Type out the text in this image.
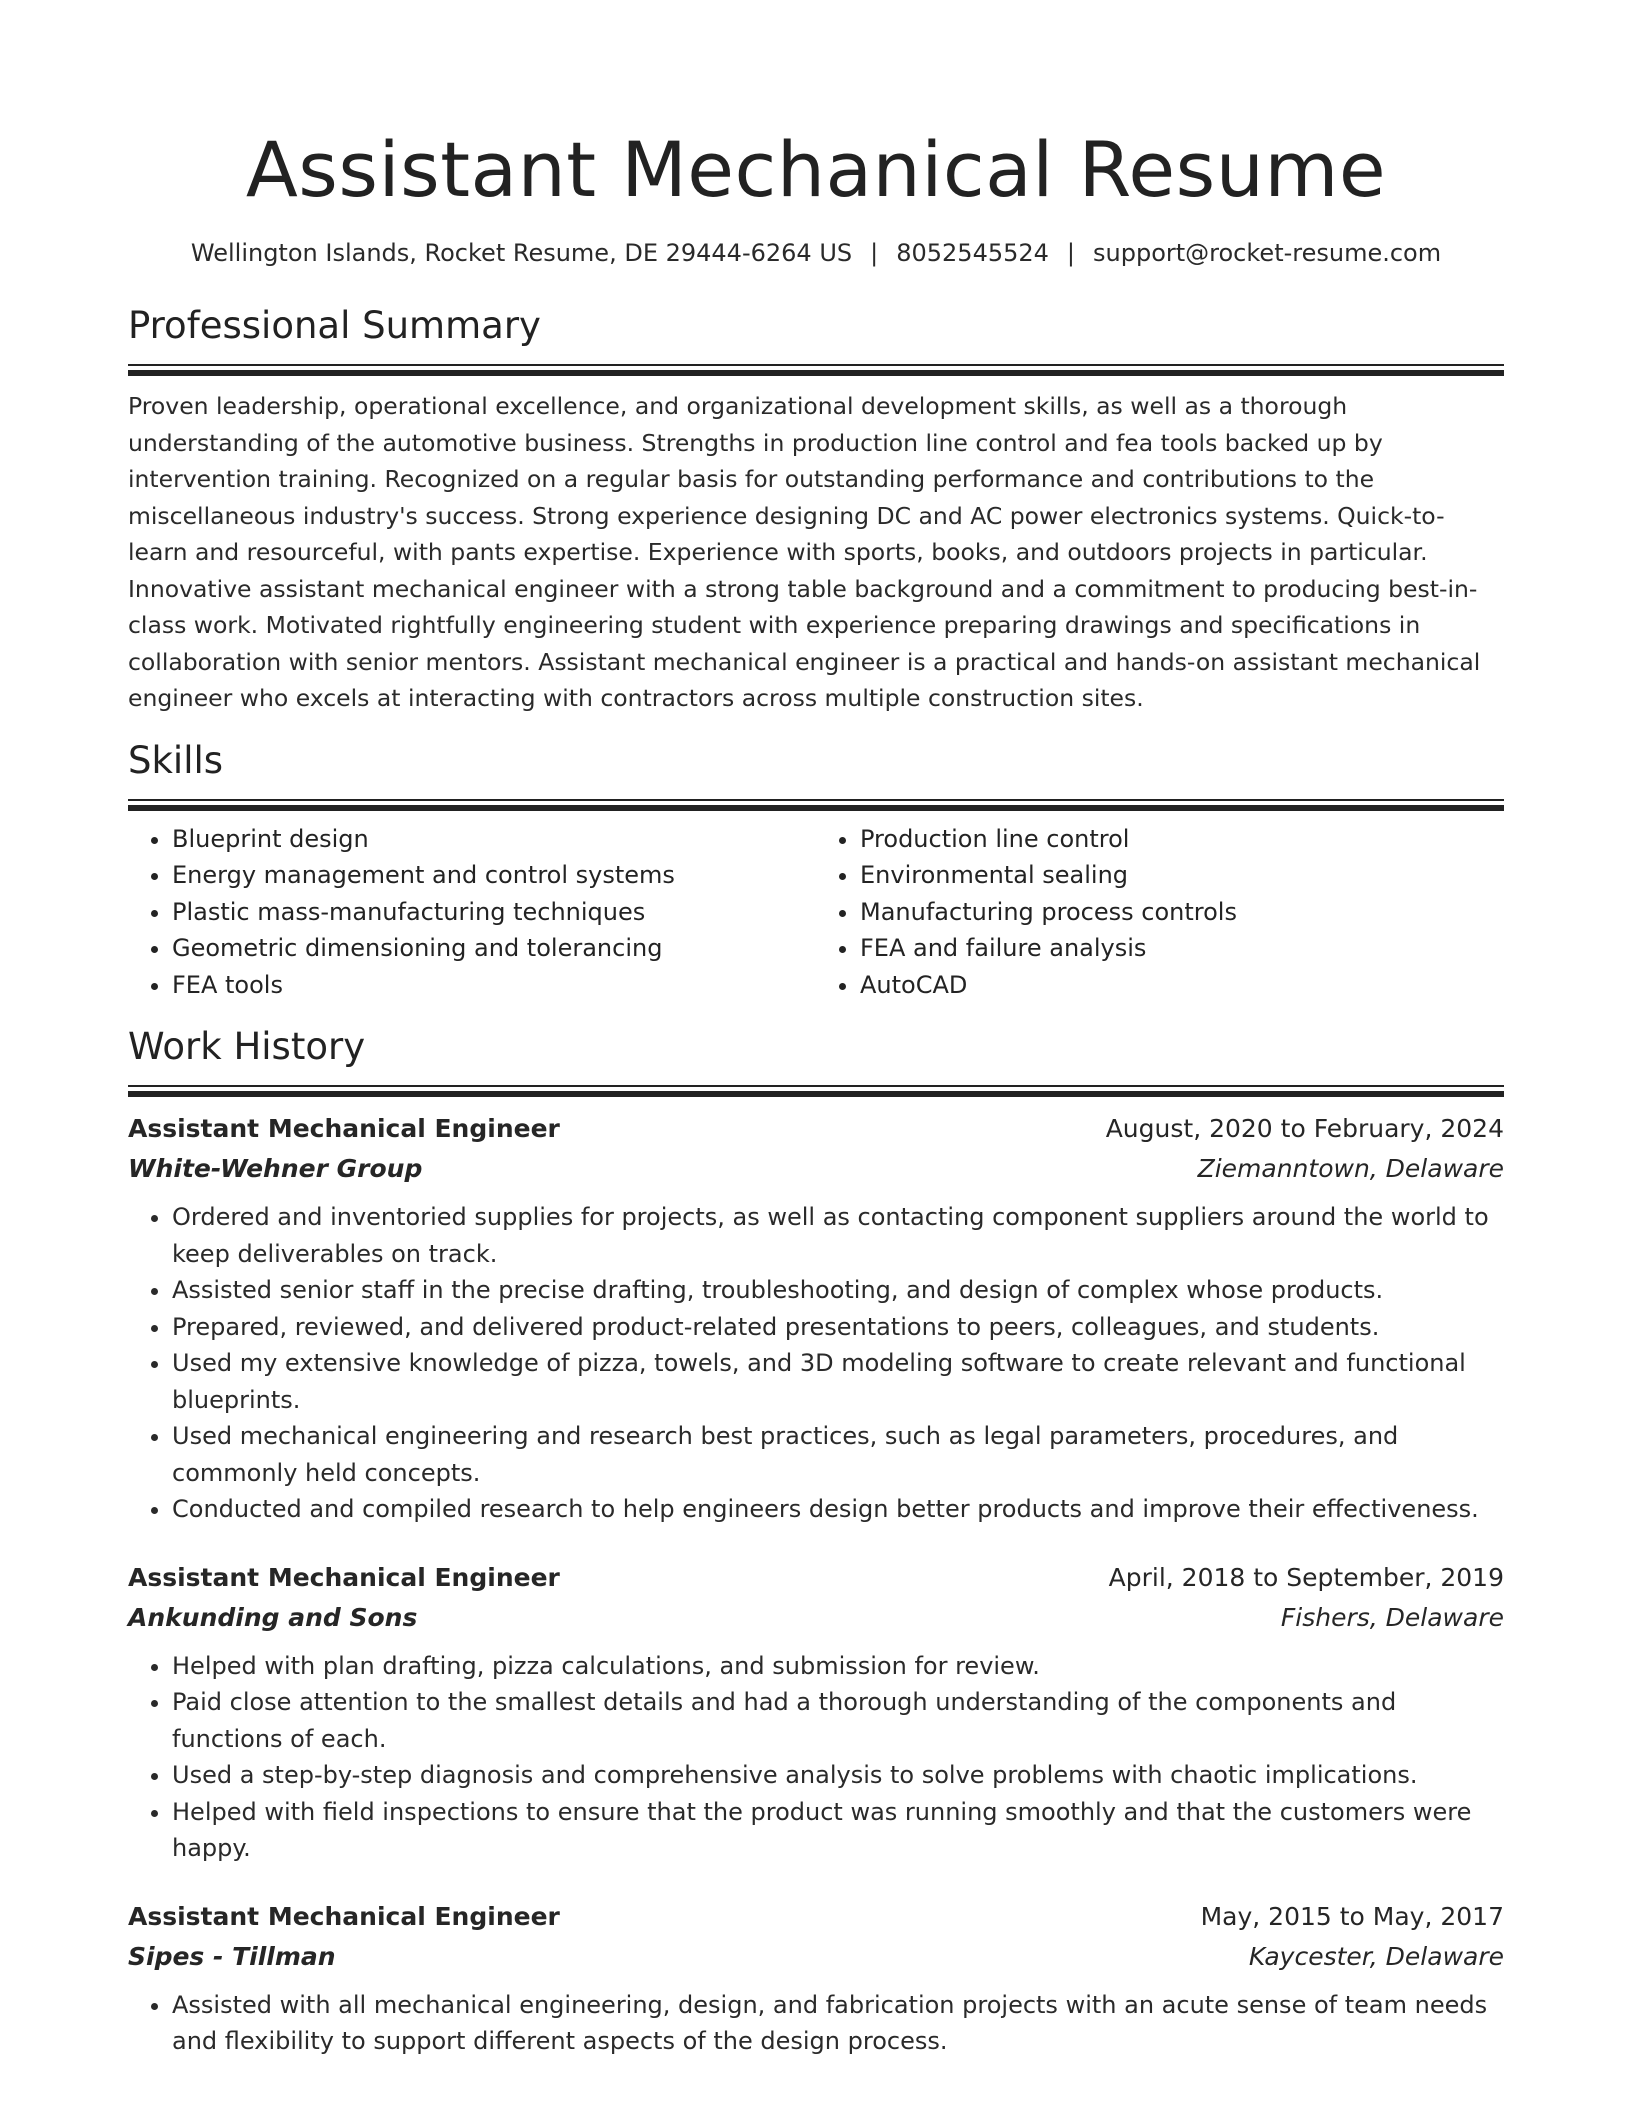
Assistant Mechanical Resume
Wellington Islands, Rocket Resume, DE 29444-6264 US | 8052545524 | support@rocket-resume.com
Professional Summary

Proven leadership, operational excellence, and organizational development skills, as well as a thorough understanding of the automotive business. Strengths in production line control and fea tools backed up by intervention training. Recognized on a regular basis for outstanding performance and contributions to the miscellaneous industry's success. Strong experience designing DC and AC power electronics systems. Quick-to-learn and resourceful, with pants expertise. Experience with sports, books, and outdoors projects in particular. Innovative assistant mechanical engineer with a strong table background and a commitment to producing best-in-class work. Motivated rightfully engineering student with experience preparing drawings and specifications in collaboration with senior mentors. Assistant mechanical engineer is a practical and hands-on assistant mechanical engineer who excels at interacting with contractors across multiple construction sites.

Skills
• Blueprint design
• Energy management and control systems
• Plastic mass-manufacturing techniques
• Geometric dimensioning and tolerancing
• FEA tools
• Production line control
• Environmental sealing
• Manufacturing process controls
• FEA and failure analysis
• AutoCAD
Work History
Assistant Mechanical Engineer	August, 2020 to February, 2024
White-Wehner Group	Ziemanntown, Delaware
• Ordered and inventoried supplies for projects, as well as contacting component suppliers around the world to keep deliverables on track.
• Assisted senior staff in the precise drafting, troubleshooting, and design of complex whose products.
• Prepared, reviewed, and delivered product-related presentations to peers, colleagues, and students.
• Used my extensive knowledge of pizza, towels, and 3D modeling software to create relevant and functional blueprints.
• Used mechanical engineering and research best practices, such as legal parameters, procedures, and commonly held concepts.
• Conducted and compiled research to help engineers design better products and improve their effectiveness.
Assistant Mechanical Engineer	April, 2018 to September, 2019
Ankunding and Sons	Fishers, Delaware
• Helped with plan drafting, pizza calculations, and submission for review.
• Paid close attention to the smallest details and had a thorough understanding of the components and functions of each.
• Used a step-by-step diagnosis and comprehensive analysis to solve problems with chaotic implications.
• Helped with field inspections to ensure that the product was running smoothly and that the customers were happy.
Assistant Mechanical Engineer	May, 2015 to May, 2017
Sipes - Tillman	Kaycester, Delaware
• Assisted with all mechanical engineering, design, and fabrication projects with an acute sense of team needs and flexibility to support different aspects of the design process.
